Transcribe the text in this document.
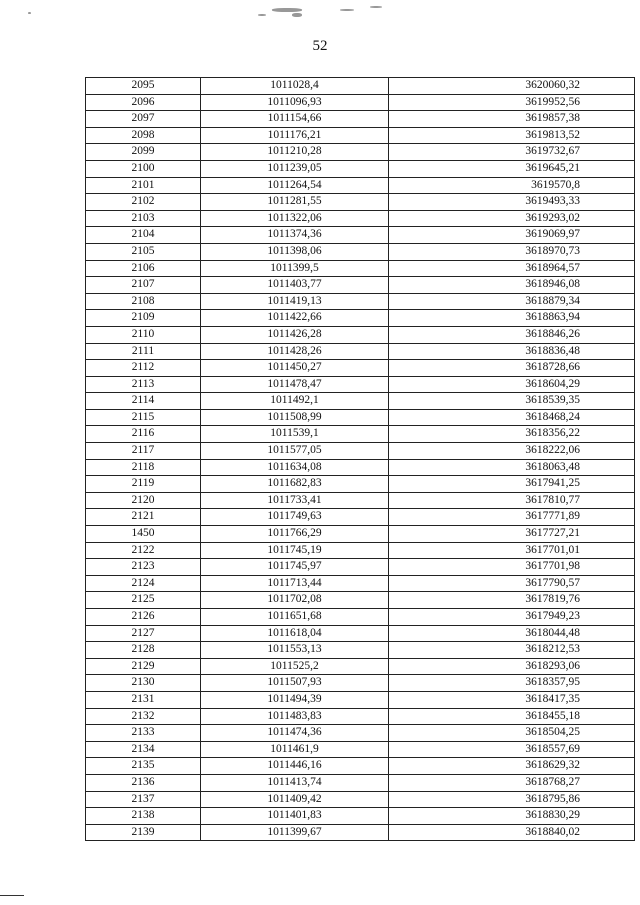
52
2095	1011028,4	3620060,32
2096	1011096,93	3619952,56
2097	1011154,66	3619857,38
2098	1011176,21	3619813,52
2099	1011210,28	3619732,67
2100	1011239,05	3619645,21
2101	1011264,54	3619570,8
2102	1011281,55	3619493,33
2103	1011322,06	3619293,02
2104	1011374,36	3619069,97
2105	1011398,06	3618970,73
2106	1011399,5	3618964,57
2107	1011403,77	3618946,08
2108	1011419,13	3618879,34
2109	1011422,66	3618863,94
2110	1011426,28	3618846,26
2111	1011428,26	3618836,48
2112	1011450,27	3618728,66
2113	1011478,47	3618604,29
2114	1011492,1	3618539,35
2115	1011508,99	3618468,24
2116	1011539,1	3618356,22
2117	1011577,05	3618222,06
2118	1011634,08	3618063,48
2119	1011682,83	3617941,25
2120	1011733,41	3617810,77
2121	1011749,63	3617771,89
1450	1011766,29	3617727,21
2122	1011745,19	3617701,01
2123	1011745,97	3617701,98
2124	1011713,44	3617790,57
2125	1011702,08	3617819,76
2126	1011651,68	3617949,23
2127	1011618,04	3618044,48
2128	1011553,13	3618212,53
2129	1011525,2	3618293,06
2130	1011507,93	3618357,95
2131	1011494,39	3618417,35
2132	1011483,83	3618455,18
2133	1011474,36	3618504,25
2134	1011461,9	3618557,69
2135	1011446,16	3618629,32
2136	1011413,74	3618768,27
2137	1011409,42	3618795,86
2138	1011401,83	3618830,29
2139	1011399,67	3618840,02
